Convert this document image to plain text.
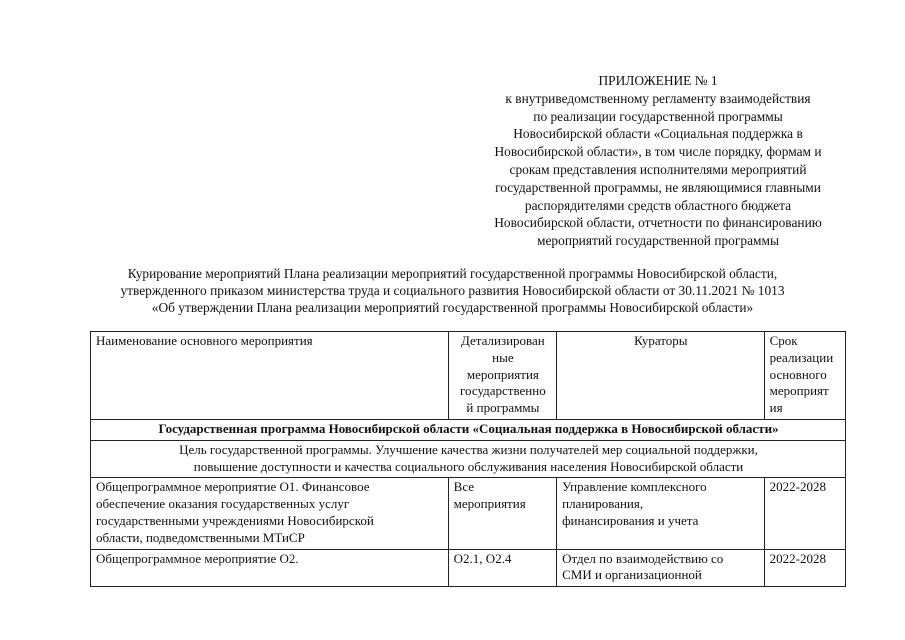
ПРИЛОЖЕНИЕ № 1
к внутриведомственному регламенту взаимодействия
по реализации государственной программы
Новосибирской области «Социальная поддержка в
Новосибирской области», в том числе порядку, формам и
срокам представления исполнителями мероприятий
государственной программы, не являющимися главными
распорядителями средств областного бюджета
Новосибирской области, отчетности по финансированию
мероприятий государственной программы
Курирование мероприятий Плана реализации мероприятий государственной программы Новосибирской области,
утвержденного приказом министерства труда и социального развития Новосибирской области от 30.11.2021 № 1013
«Об утверждении Плана реализации мероприятий государственной программы Новосибирской области»
Наименование основного мероприятия	Детализирован
ные
мероприятия
государственно
й программы	Кураторы	Срок
реализации
основного
мероприят
ия

Государственная программа Новосибирской области «Социальная поддержка в Новосибирской области»			

Цель государственной программы. Улучшение качества жизни получателей мер социальной поддержки,
повышение доступности и качества социального обслуживания населения Новосибирской области			

Общепрограммное мероприятие О1. Финансовое
обеспечение оказания государственных услуг
государственными учреждениями Новосибирской
области, подведомственными МТиСР	Все
мероприятия	Управление комплексного
планирования,
финансирования и учета	2022-2028

Общепрограммное мероприятие О2.	О2.1, О2.4	Отдел по взаимодействию со
СМИ и организационной	2022-2028
